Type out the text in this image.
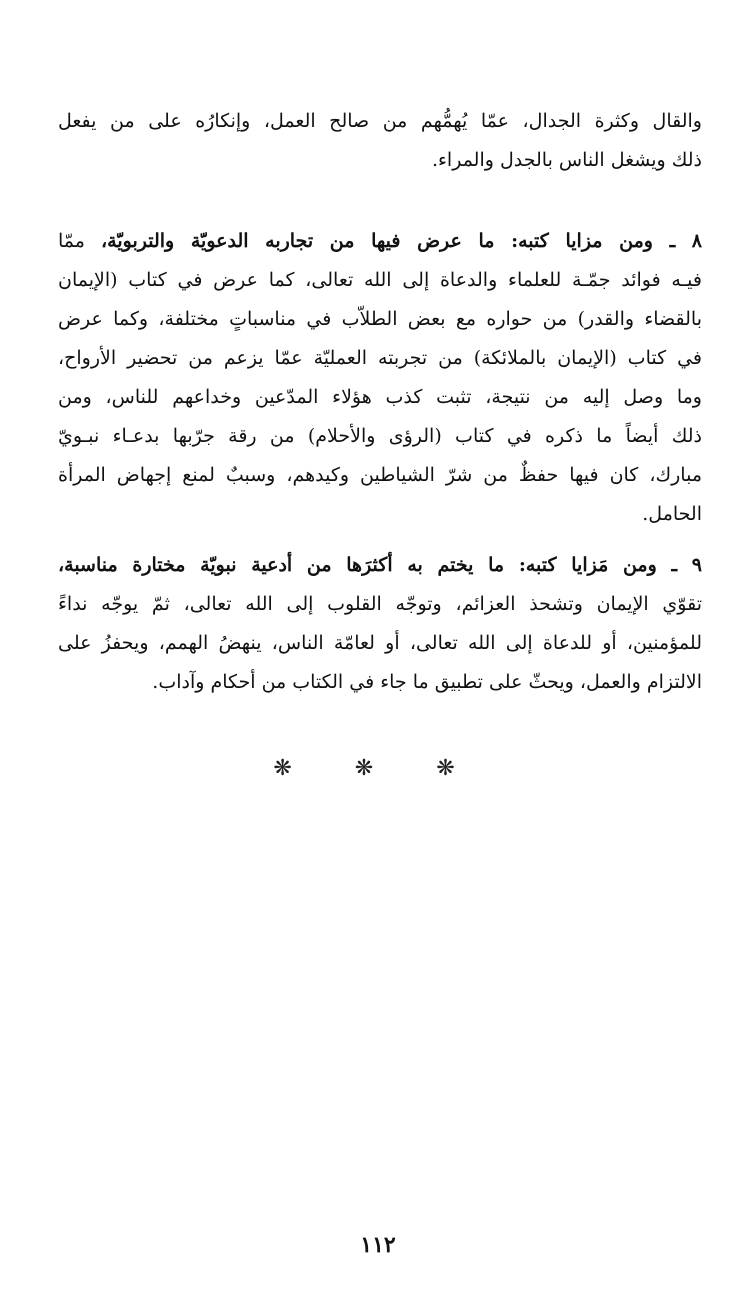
والقال وكثرة الجدال، عمّا يُهمُّهم من صالح العمل، وإنكارُه على من يفعل
ذلك ويشغل الناس بالجدل والمراء.
٨ ـ ومن مزايا كتبه: ما عرض فيها من تجاربه الدعويّة والتربويّة، ممّا
فيـه فوائد جمّـة للعلماء والدعاة إلى الله تعالى، كما عرض في كتاب (الإيمان
بالقضاء والقدر) من حواره مع بعض الطلاّب في مناسباتٍ مختلفة، وكما عرض
في كتاب (الإيمان بالملائكة) من تجربته العمليّة عمّا يزعم من تحضير الأرواح،
وما وصل إليه من نتيجة، تثبت كذب هؤلاء المدّعين وخداعهم للناس، ومن
ذلك أيضاً ما ذكره في كتاب (الرؤى والأحلام) من رقة جرّبها بدعـاء نبـويّ
مبارك، كان فيها حفظٌ من شرّ الشياطين وكيدهم، وسببٌ لمنع إجهاض المرأة
الحامل.
٩ ـ ومن مَزايا كتبه: ما يختم به أكثرَها من أدعية نبويّة مختارة مناسبة،
تقوّي الإيمان وتشحذ العزائم، وتوجّه القلوب إلى الله تعالى، ثمّ يوجّه نداءً
للمؤمنين، أو للدعاة إلى الله تعالى، أو لعامّة الناس، ينهضُ الهمم، ويحفزُ على
الالتزام والعمل، ويحثّ على تطبيق ما جاء في الكتاب من أحكام وآداب.
❋ ❋ ❋
١١٢
